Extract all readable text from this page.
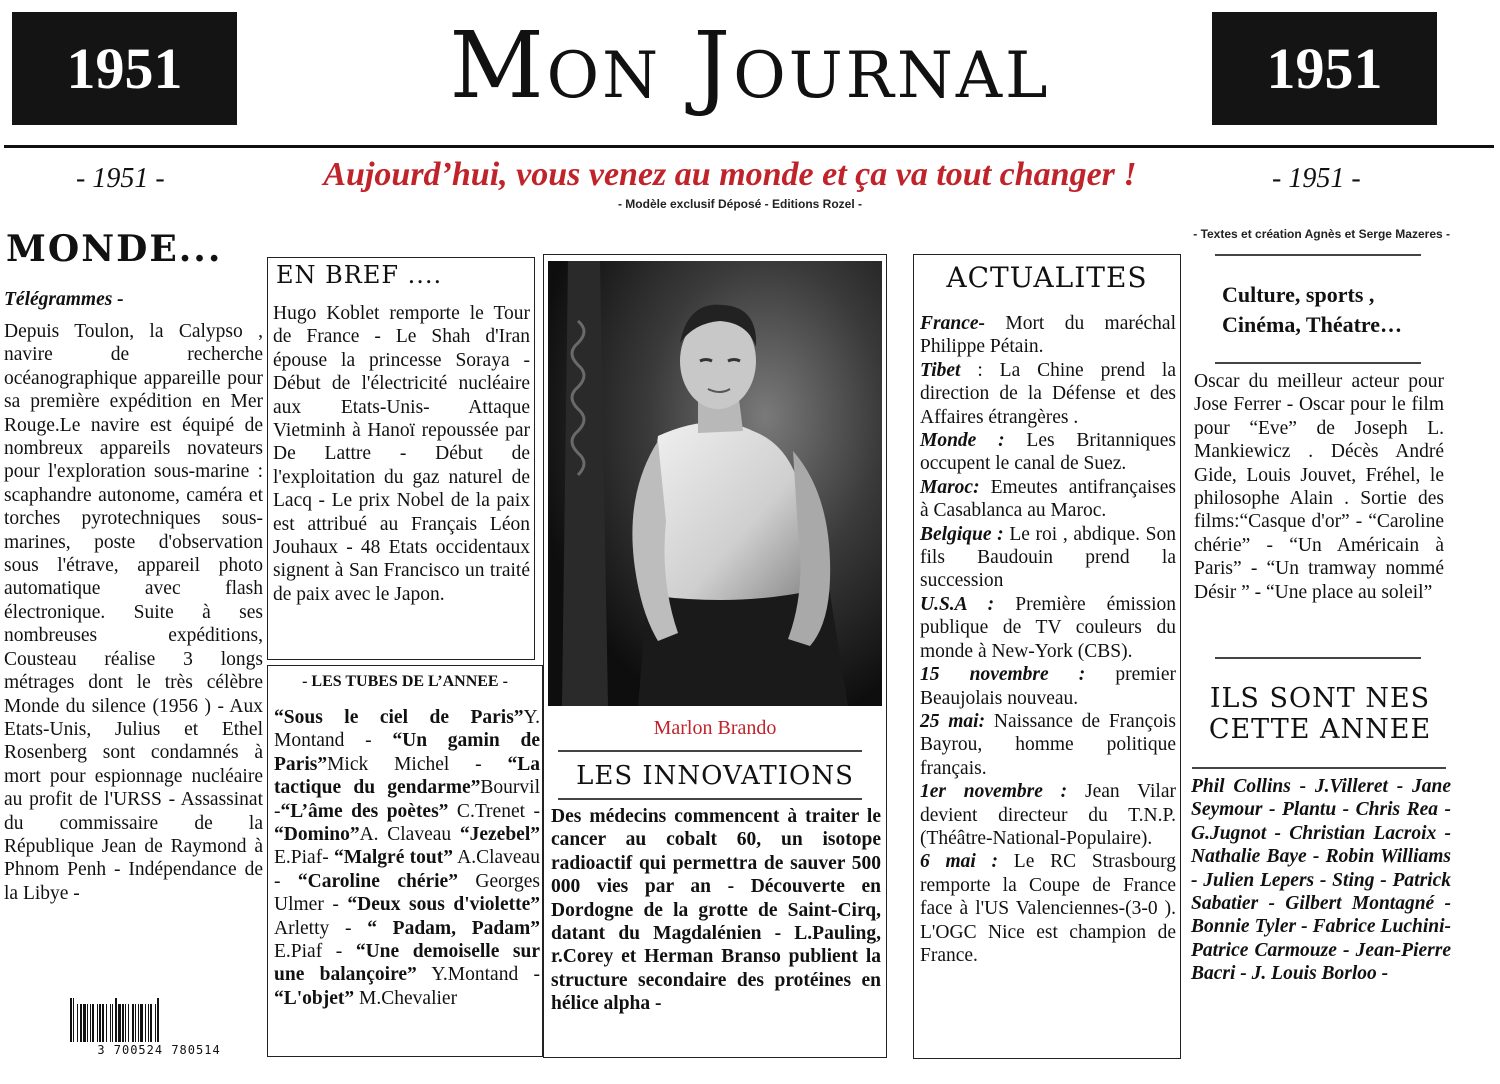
1951	Mon Journal	1951
- 1951 -	Aujourd’hui, vous venez au monde et ça va tout changer !	- 1951 -
- Modèle exclusif Déposé - Editions Rozel -
- Textes et création Agnès et Serge Mazeres -
MONDE...
Télégrammes -
Depuis Toulon, la Calypso , navire de recherche océanographique appareille pour sa première expédition en Mer Rouge.Le navire est équipé de nombreux appareils novateurs pour l'exploration sous-marine : scaphandre autonome, caméra et torches pyrotechniques sous-marines, poste d'observation sous l'étrave, appareil photo automatique avec flash électronique. Suite à ses nombreuses expéditions, Cousteau réalise 3 longs métrages dont le très célèbre Monde du silence (1956 ) - Aux Etats-Unis, Julius et Ethel Rosenberg sont condamnés à mort pour espionnage nucléaire au profit de l'URSS - Assassinat du commissaire de la République Jean de Raymond à Phnom Penh - Indépendance de la Libye -
3 700524 780514
EN BREF ....
Hugo Koblet remporte le Tour de France - Le Shah d'Iran épouse la princesse Soraya - Début de l'électricité nucléaire aux Etats-Unis- Attaque Vietminh à Hanoï repoussée par De Lattre - Début de l'exploitation du gaz naturel de Lacq - Le prix Nobel de la paix est attribué au Français Léon Jouhaux - 48 Etats occidentaux signent à San Francisco un traité de paix avec le Japon.
- LES TUBES DE L’ANNEE -
“Sous le ciel de Paris”Y. Montand - “Un gamin de Paris”Mick Michel - “La tactique du gendarme”Bourvil -“L’âme des poètes” C.Trenet - “Domino”A. Claveau “Jezebel” E.Piaf- “Malgré tout” A.Claveau - “Caroline chérie” Georges Ulmer - “Deux sous d'violette” Arletty - “ Padam, Padam” E.Piaf - “Une demoiselle sur une balançoire” Y.Montand - “L'objet” M.Chevalier
Marlon Brando
LES INNOVATIONS
Des médecins commencent à traiter le cancer au cobalt 60, un isotope radioactif qui permettra de sauver 500 000 vies par an - Découverte en Dordogne de la grotte de Saint-Cirq, datant du Magdalénien - L.Pauling, r.Corey et Herman Branso publient la structure secondaire des protéines en hélice alpha -
ACTUALITES
France- Mort du maréchal Philippe Pétain.
Tibet : La Chine prend la direction de la Défense et des Affaires étrangères .
Monde : Les Britanniques occupent le canal de Suez.
Maroc: Emeutes antifrançaises à Casablanca au Maroc.
Belgique : Le roi , abdique. Son fils Baudouin prend la succession
U.S.A : Première émission publique de TV couleurs du monde à New-York (CBS).
15 novembre : premier Beaujolais nouveau.
25 mai: Naissance de François Bayrou, homme politique français.
1er novembre : Jean Vilar devient directeur du T.N.P. (Théâtre-National-Populaire).
6 mai : Le RC Strasbourg remporte la Coupe de France face à l'US Valenciennes-(3-0 ). L'OGC Nice est champion de France.
Culture, sports ,
Cinéma, Théatre…
Oscar du meilleur acteur pour Jose Ferrer - Oscar pour le film pour “Eve” de Joseph L. Mankiewicz . Décès André Gide, Louis Jouvet, Fréhel, le philosophe Alain . Sortie des films:“Casque d'or” - “Caroline chérie” - “Un Américain à Paris” - “Un tramway nommé Désir ” - “Une place au soleil”
ILS SONT NES
CETTE ANNEE
Phil Collins - J.Villeret - Jane Seymour - Plantu - Chris Rea - G.Jugnot - Christian Lacroix - Nathalie Baye - Robin Williams - Julien Lepers - Sting - Patrick Sabatier - Gilbert Montagné - Bonnie Tyler - Fabrice Luchini-Patrice Carmouze - Jean-Pierre Bacri - J. Louis Borloo -
